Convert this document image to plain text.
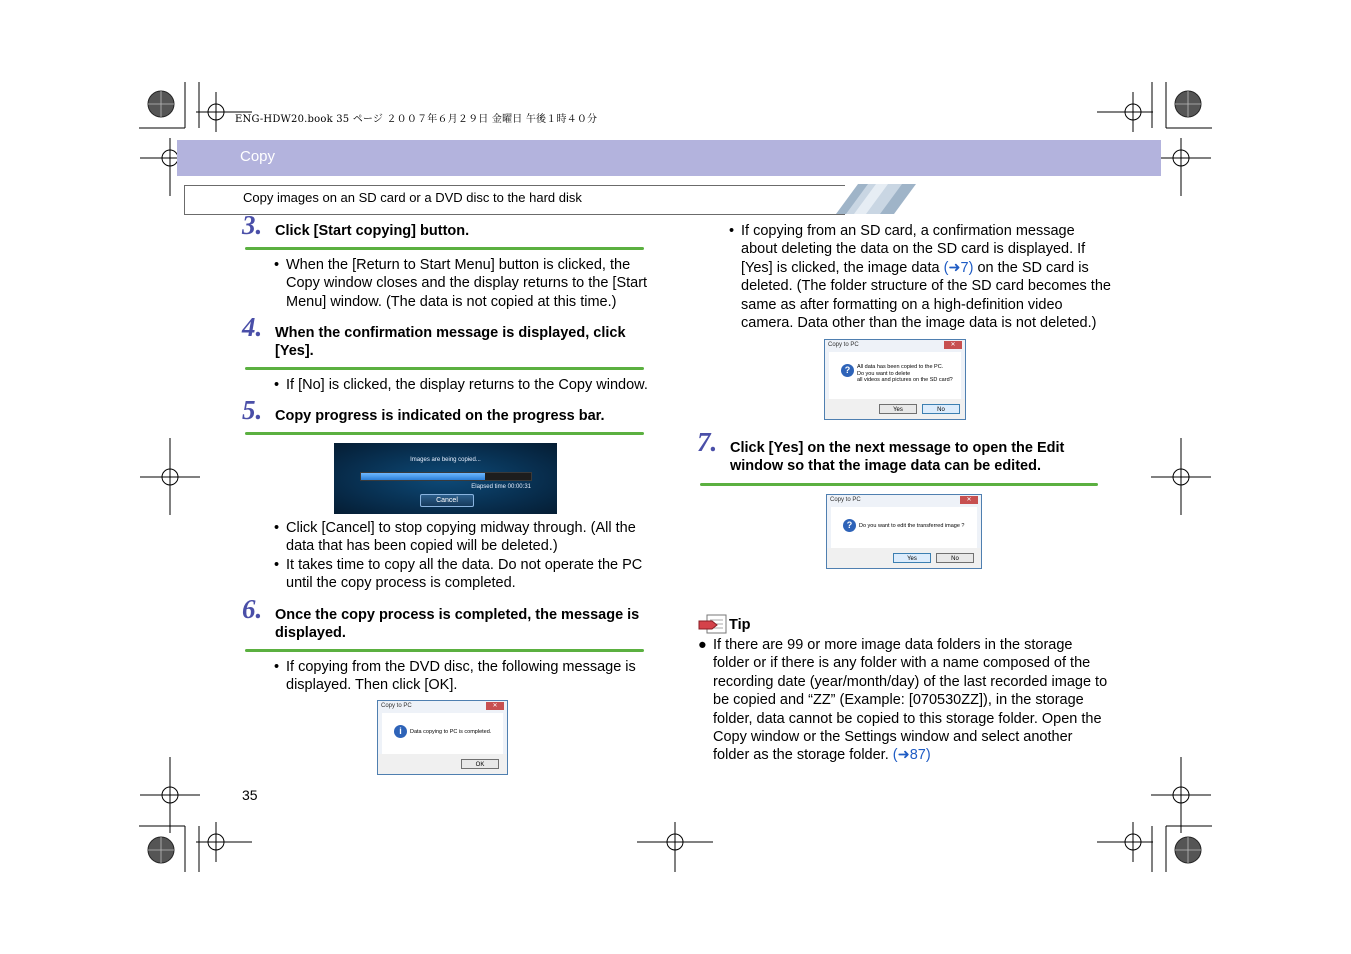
ENG-HDW20.book 35 ページ ２００７年６月２９日 金曜日 午後１時４０分
Copy
Copy images on an SD card or a DVD disc to the hard disk
3. Click [Start copying] button.
• When the [Return to Start Menu] button is clicked, the Copy window closes and the display returns to the [Start Menu] window. (The data is not copied at this time.)
4. When the confirmation message is displayed, click [Yes].
• If [No] is clicked, the display returns to the Copy window.
5. Copy progress is indicated on the progress bar.
Images are being copied...
Elapsed time 00:00:31
Cancel
• Click [Cancel] to stop copying midway through. (All the data that has been copied will be deleted.)
• It takes time to copy all the data. Do not operate the PC until the copy process is completed.
6. Once the copy process is completed, the message is displayed.
• If copying from the DVD disc, the following message is displayed. Then click [OK].
Copy to PC	✕
i	Data copying to PC is completed.
OK
35
• If copying from an SD card, a confirmation message about deleting the data on the SD card is displayed. If [Yes] is clicked, the image data (➜7) on the SD card is deleted. (The folder structure of the SD card becomes the same as after formatting on a high-definition video camera. Data other than the image data is not deleted.)
Copy to PC	✕
?	All data has been copied to the PC.
Do you want to delete
all videos and pictures on the SD card?
Yes	No
7. Click [Yes] on the next message to open the Edit window so that the image data can be edited.
Copy to PC	✕
?	Do you want to edit the transferred image ?
Yes	No
Tip
● If there are 99 or more image data folders in the storage folder or if there is any folder with a name composed of the recording date (year/month/day) of the last recorded image to be copied and “ZZ” (Example: [070530ZZ]), in the storage folder, data cannot be copied to this storage folder. Open the Copy window or the Settings window and select another folder as the storage folder. (➜87)
